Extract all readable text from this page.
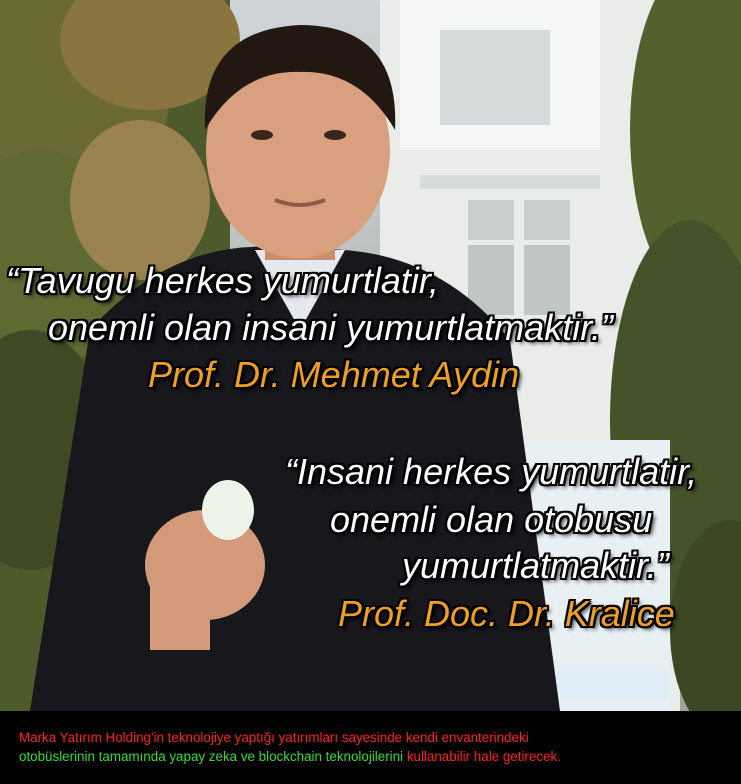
“Tavugu herkes yumurtlatir,
onemli olan insani yumurtlatmaktir.”
Prof. Dr. Mehmet Aydin
“Insani herkes yumurtlatir,
onemli olan otobusu
yumurtlatmaktir.”
Prof. Doc. Dr. Kralice
Marka Yatırım Holding'in teknolojiye yaptığı yatırımları sayesinde kendi envanterindeki
otobüslerinin tamamında yapay zeka ve blockchain teknolojilerini kullanabilir hale getirecek.
